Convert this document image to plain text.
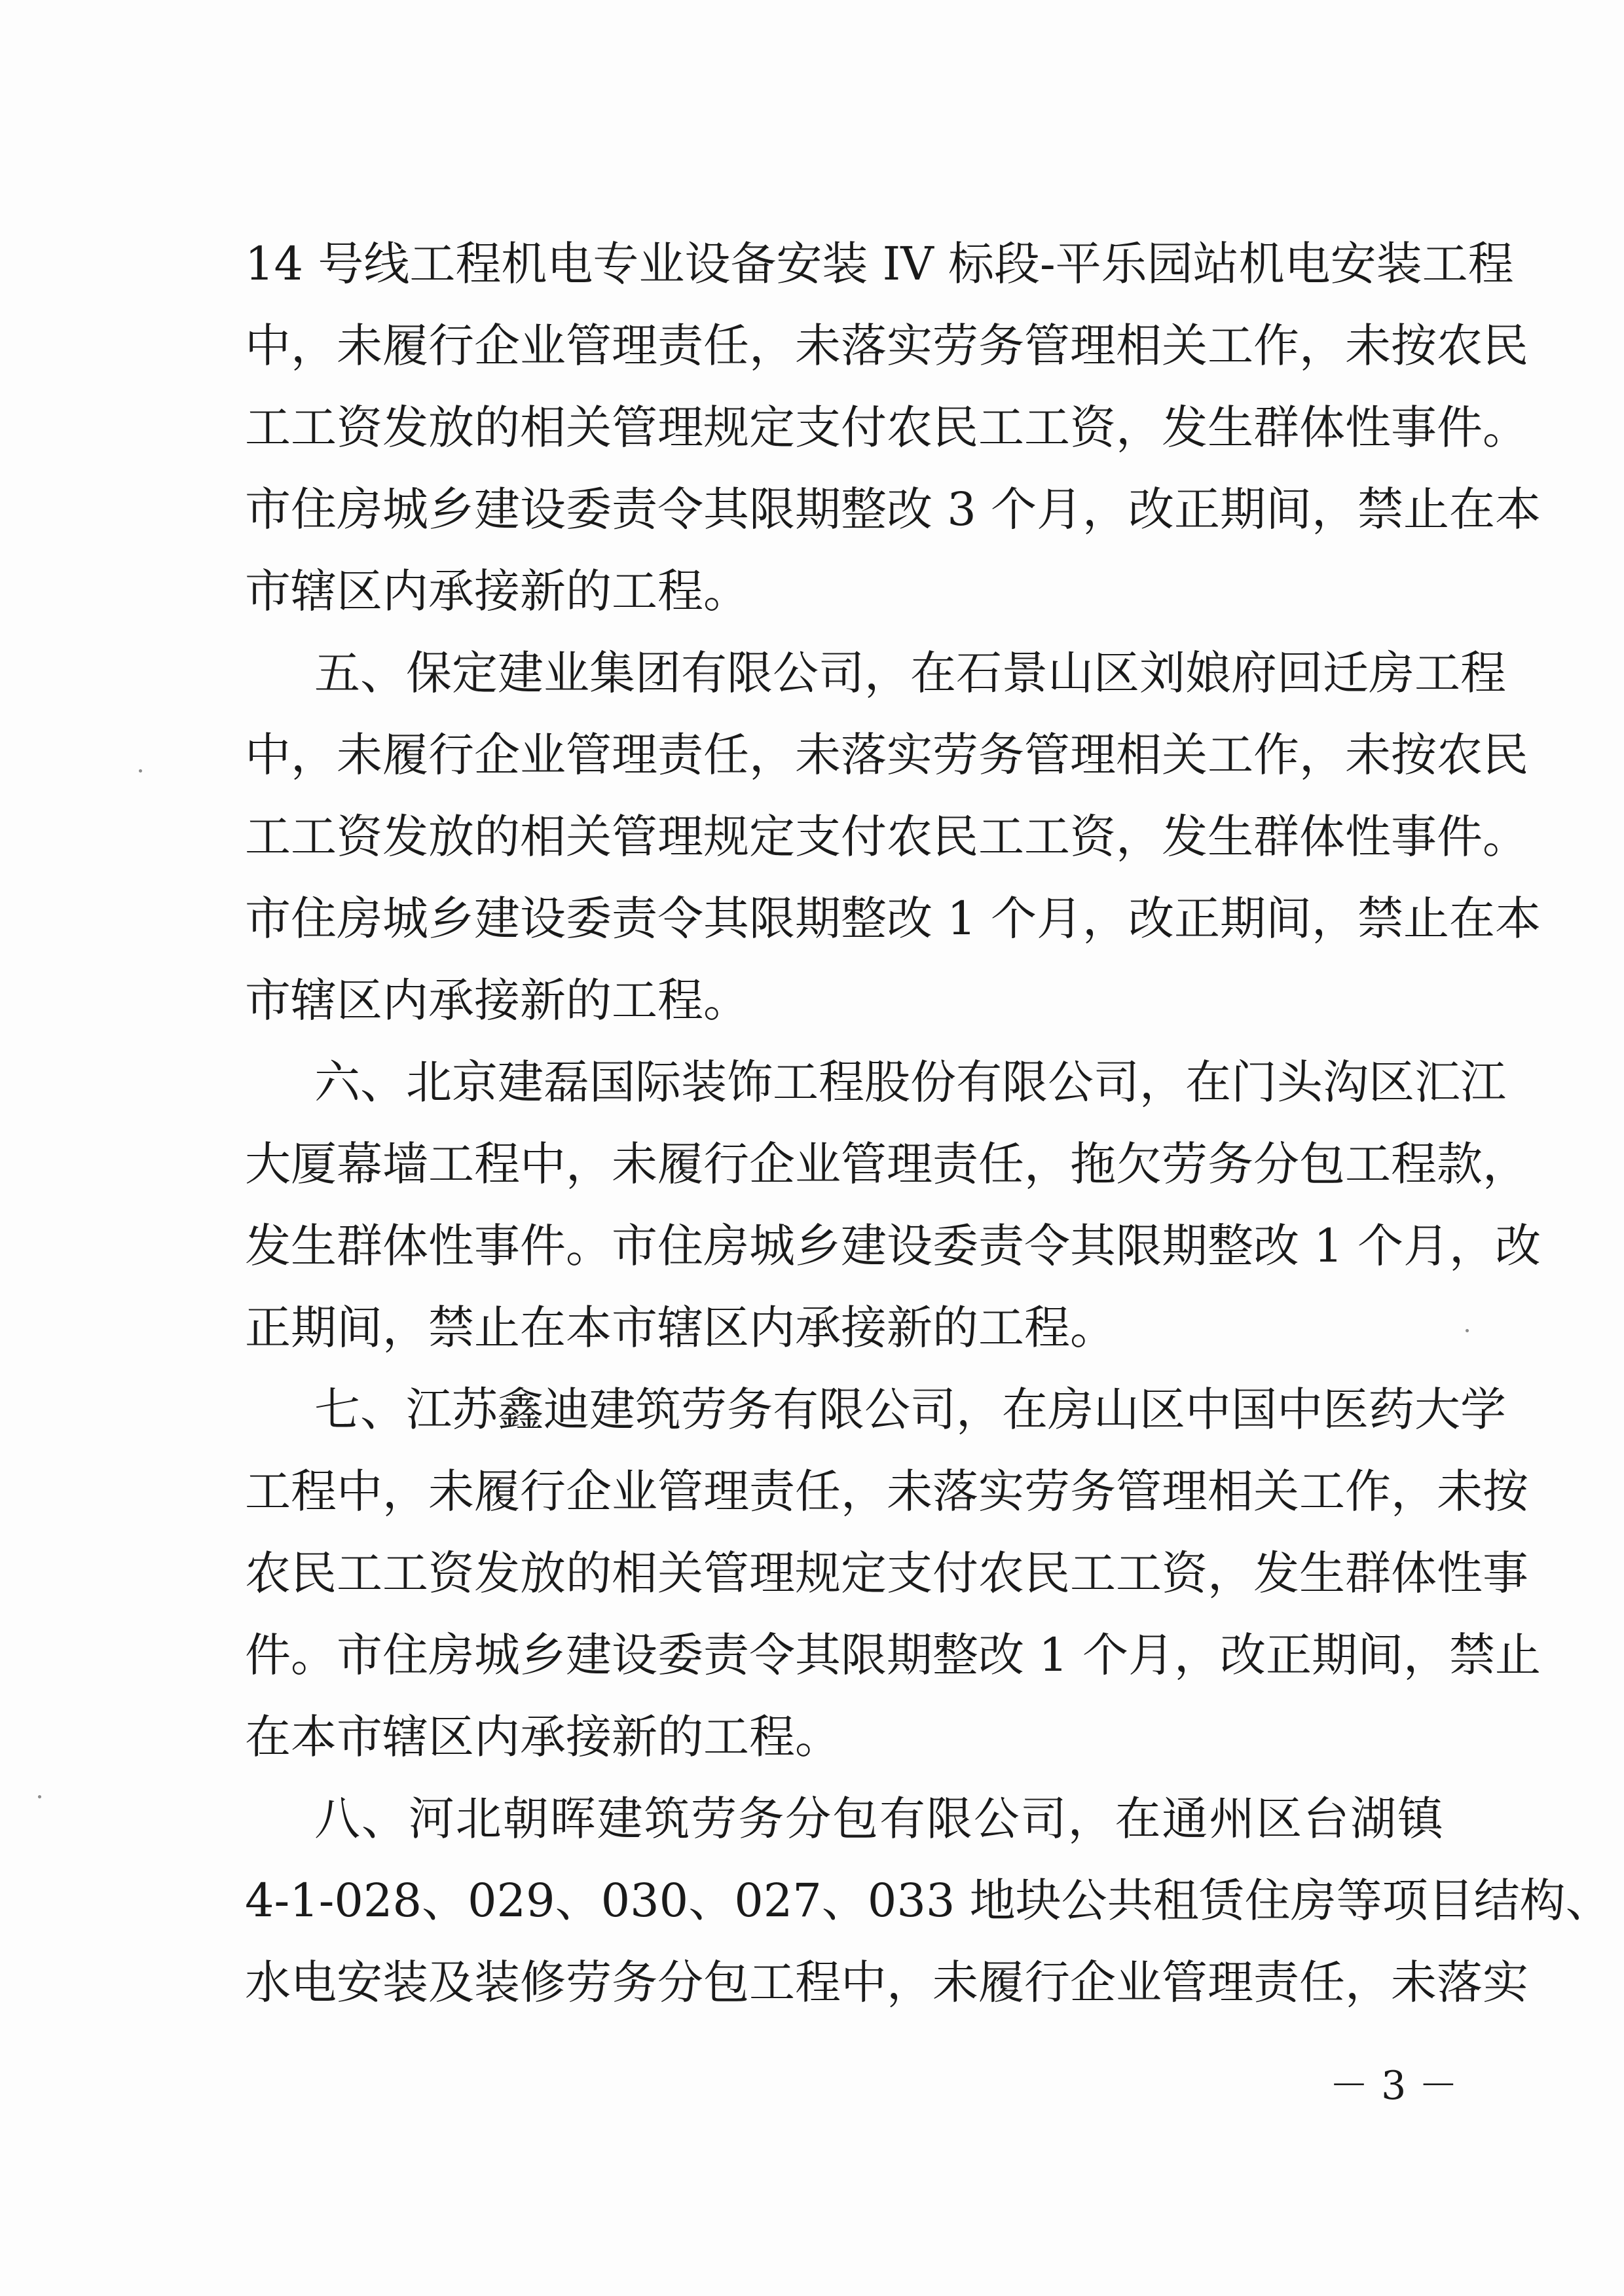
14 号线工程机电专业设备安装 IV 标段-平乐园站机电安装工程
中，未履行企业管理责任，未落实劳务管理相关工作，未按农民
工工资发放的相关管理规定支付农民工工资，发生群体性事件。
市住房城乡建设委责令其限期整改 3 个月，改正期间，禁止在本
市辖区内承接新的工程。
五、保定建业集团有限公司，在石景山区刘娘府回迁房工程
中，未履行企业管理责任，未落实劳务管理相关工作，未按农民
工工资发放的相关管理规定支付农民工工资，发生群体性事件。
市住房城乡建设委责令其限期整改 1 个月，改正期间，禁止在本
市辖区内承接新的工程。
六、北京建磊国际装饰工程股份有限公司，在门头沟区汇江
大厦幕墙工程中，未履行企业管理责任，拖欠劳务分包工程款，
发生群体性事件。市住房城乡建设委责令其限期整改 1 个月，改
正期间，禁止在本市辖区内承接新的工程。
七、江苏鑫迪建筑劳务有限公司，在房山区中国中医药大学
工程中，未履行企业管理责任，未落实劳务管理相关工作，未按
农民工工资发放的相关管理规定支付农民工工资，发生群体性事
件。市住房城乡建设委责令其限期整改 1 个月，改正期间，禁止
在本市辖区内承接新的工程。
八、河北朝晖建筑劳务分包有限公司，在通州区台湖镇
4-1-028、029、030、027、033 地块公共租赁住房等项目结构、
水电安装及装修劳务分包工程中，未履行企业管理责任，未落实
－ 3 －
